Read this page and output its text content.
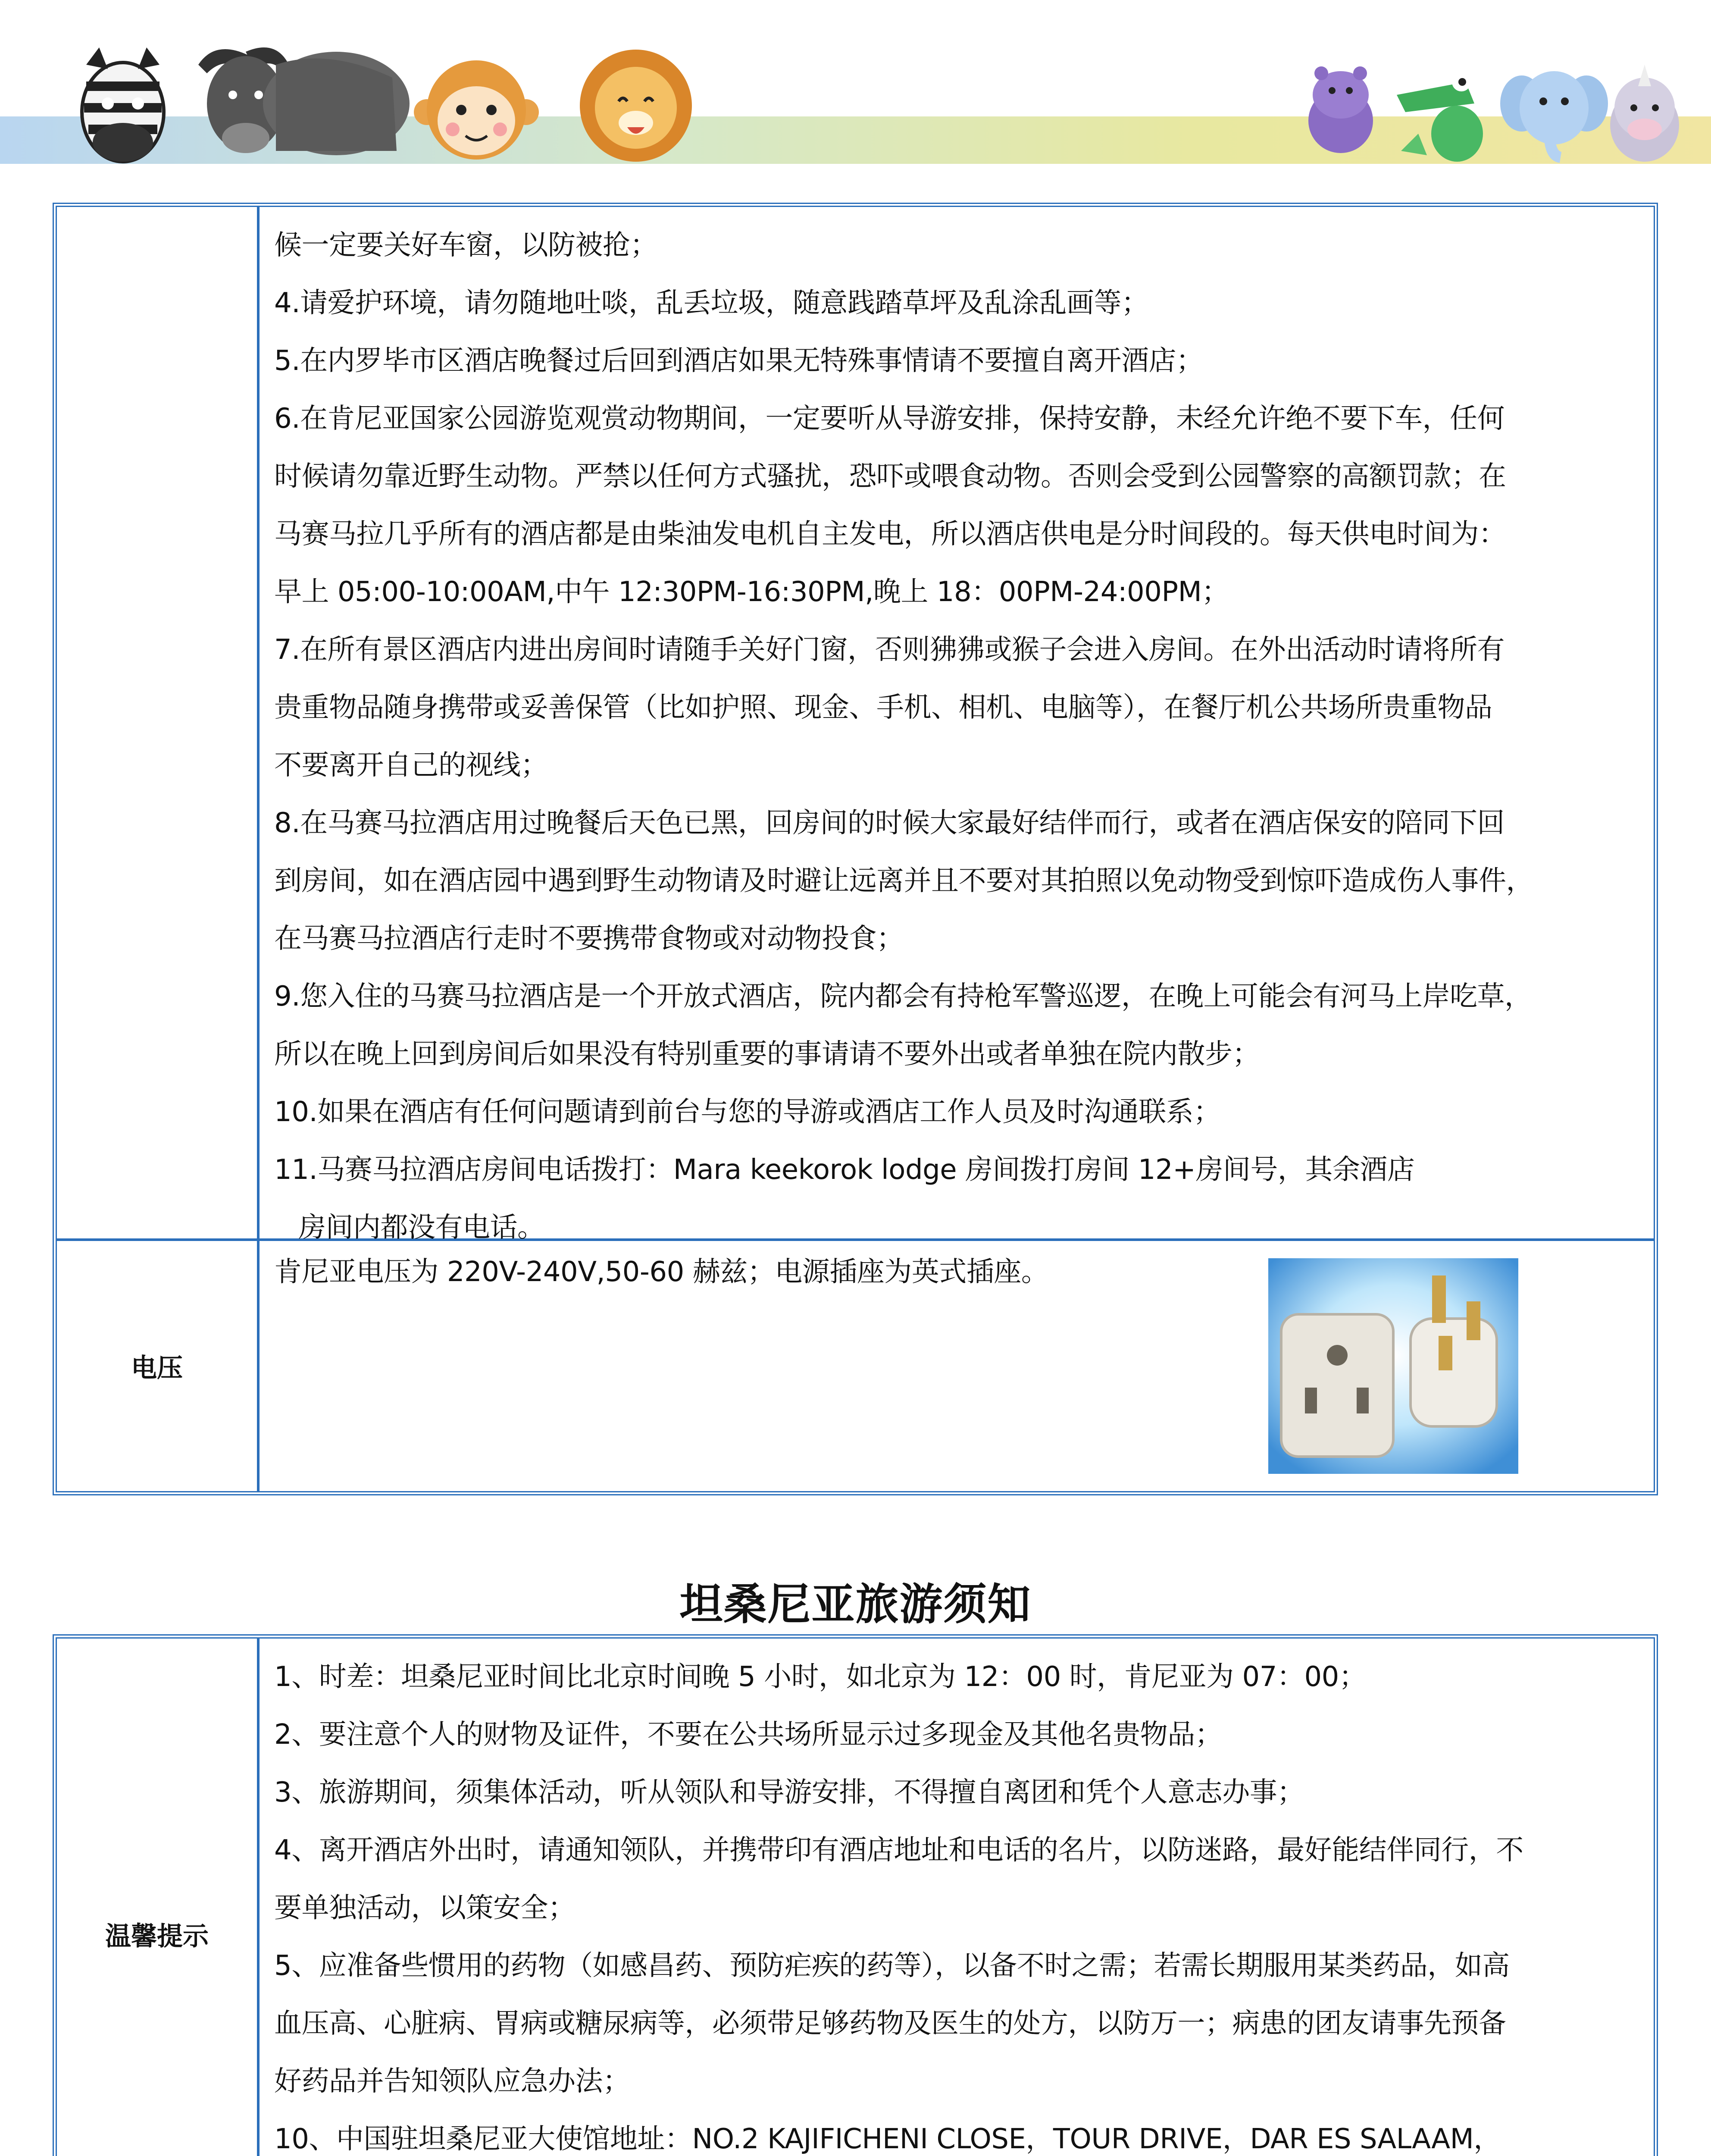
候一定要关好车窗，以防被抢；
4.请爱护环境，请勿随地吐啖，乱丢垃圾，随意践踏草坪及乱涂乱画等；
5.在内罗毕市区酒店晚餐过后回到酒店如果无特殊事情请不要擅自离开酒店；
6.在肯尼亚国家公园游览观赏动物期间，一定要听从导游安排，保持安静，未经允许绝不要下车，任何
时候请勿靠近野生动物。严禁以任何方式骚扰，恐吓或喂食动物。否则会受到公园警察的高额罚款；在
马赛马拉几乎所有的酒店都是由柴油发电机自主发电，所以酒店供电是分时间段的。每天供电时间为：
早上 05:00-10:00AM,中午 12:30PM-16:30PM,晚上 18：00PM-24:00PM；
7.在所有景区酒店内进出房间时请随手关好门窗，否则狒狒或猴子会进入房间。在外出活动时请将所有
贵重物品随身携带或妥善保管（比如护照、现金、手机、相机、电脑等），在餐厅机公共场所贵重物品
不要离开自己的视线；
8.在马赛马拉酒店用过晚餐后天色已黑，回房间的时候大家最好结伴而行，或者在酒店保安的陪同下回
到房间，如在酒店园中遇到野生动物请及时避让远离并且不要对其拍照以免动物受到惊吓造成伤人事件，
在马赛马拉酒店行走时不要携带食物或对动物投食；
9.您入住的马赛马拉酒店是一个开放式酒店，院内都会有持枪军警巡逻，在晚上可能会有河马上岸吃草，
所以在晚上回到房间后如果没有特别重要的事请请不要外出或者单独在院内散步；
10.如果在酒店有任何问题请到前台与您的导游或酒店工作人员及时沟通联系；
11.马赛马拉酒店房间电话拨打：Mara keekorok lodge 房间拨打房间 12+房间号，其余酒店
房间内都没有电话。
电压
肯尼亚电压为 220V-240V,50-60 赫兹；电源插座为英式插座。
坦桑尼亚旅游须知
温馨提示
1、时差：坦桑尼亚时间比北京时间晚 5 小时，如北京为 12：00 时，肯尼亚为 07：00；
2、要注意个人的财物及证件，不要在公共场所显示过多现金及其他名贵物品；
3、旅游期间，须集体活动，听从领队和导游安排，不得擅自离团和凭个人意志办事；
4、离开酒店外出时，请通知领队，并携带印有酒店地址和电话的名片，以防迷路，最好能结伴同行，不
要单独活动，以策安全；
5、应准备些惯用的药物（如感昌药、预防疟疾的药等），以备不时之需；若需长期服用某类药品，如高
血压高、心脏病、胃病或糖尿病等，必须带足够药物及医生的处方，以防万一；病患的团友请事先预备
好药品并告知领队应急办法；
10、中国驻坦桑尼亚大使馆地址：NO.2 KAJIFICHENI CLOSE，TOUR DRIVE，DAR ES SALAAM，
